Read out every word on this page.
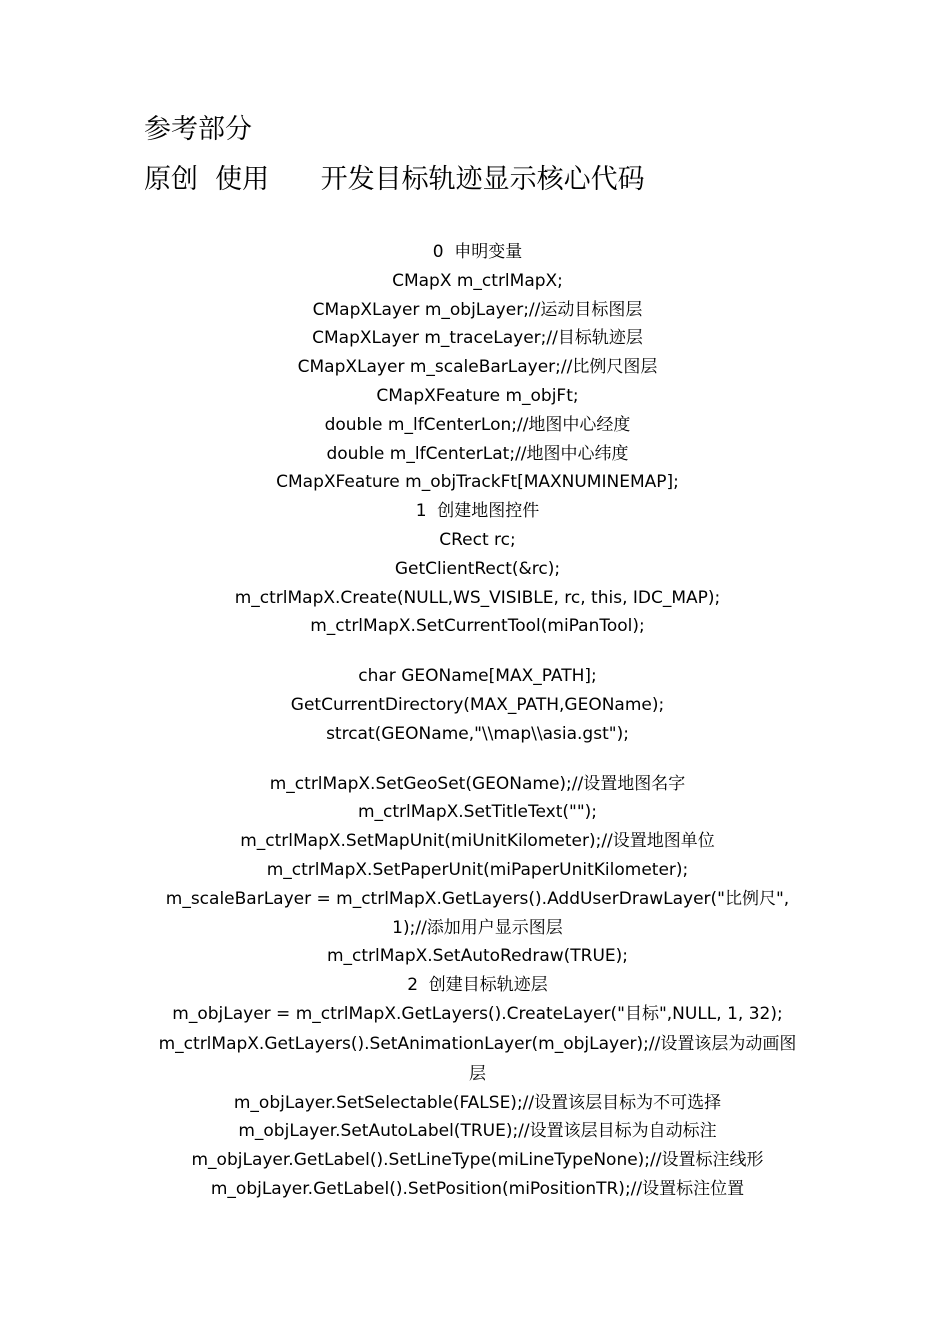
参考部分
原创  使用      开发目标轨迹显示核心代码
0  申明变量
CMapX m_ctrlMapX;
CMapXLayer m_objLayer;//运动目标图层
CMapXLayer m_traceLayer;//目标轨迹层
CMapXLayer m_scaleBarLayer;//比例尺图层
CMapXFeature m_objFt;
double m_lfCenterLon;//地图中心经度
double m_lfCenterLat;//地图中心纬度
CMapXFeature m_objTrackFt[MAXNUMINEMAP];
1  创建地图控件
CRect rc;
GetClientRect(&rc);
m_ctrlMapX.Create(NULL,WS_VISIBLE, rc, this, IDC_MAP);
m_ctrlMapX.SetCurrentTool(miPanTool);
char GEOName[MAX_PATH];
GetCurrentDirectory(MAX_PATH,GEOName);
strcat(GEOName,"\\map\\asia.gst");
m_ctrlMapX.SetGeoSet(GEOName);//设置地图名字
m_ctrlMapX.SetTitleText("");
m_ctrlMapX.SetMapUnit(miUnitKilometer);//设置地图单位
m_ctrlMapX.SetPaperUnit(miPaperUnitKilometer);
m_scaleBarLayer = m_ctrlMapX.GetLayers().AddUserDrawLayer("比例尺",
1);//添加用户显示图层
m_ctrlMapX.SetAutoRedraw(TRUE);
2  创建目标轨迹层
m_objLayer = m_ctrlMapX.GetLayers().CreateLayer("目标",NULL, 1, 32);
m_ctrlMapX.GetLayers().SetAnimationLayer(m_objLayer);//设置该层为动画图
层
m_objLayer.SetSelectable(FALSE);//设置该层目标为不可选择
m_objLayer.SetAutoLabel(TRUE);//设置该层目标为自动标注
m_objLayer.GetLabel().SetLineType(miLineTypeNone);//设置标注线形
m_objLayer.GetLabel().SetPosition(miPositionTR);//设置标注位置
